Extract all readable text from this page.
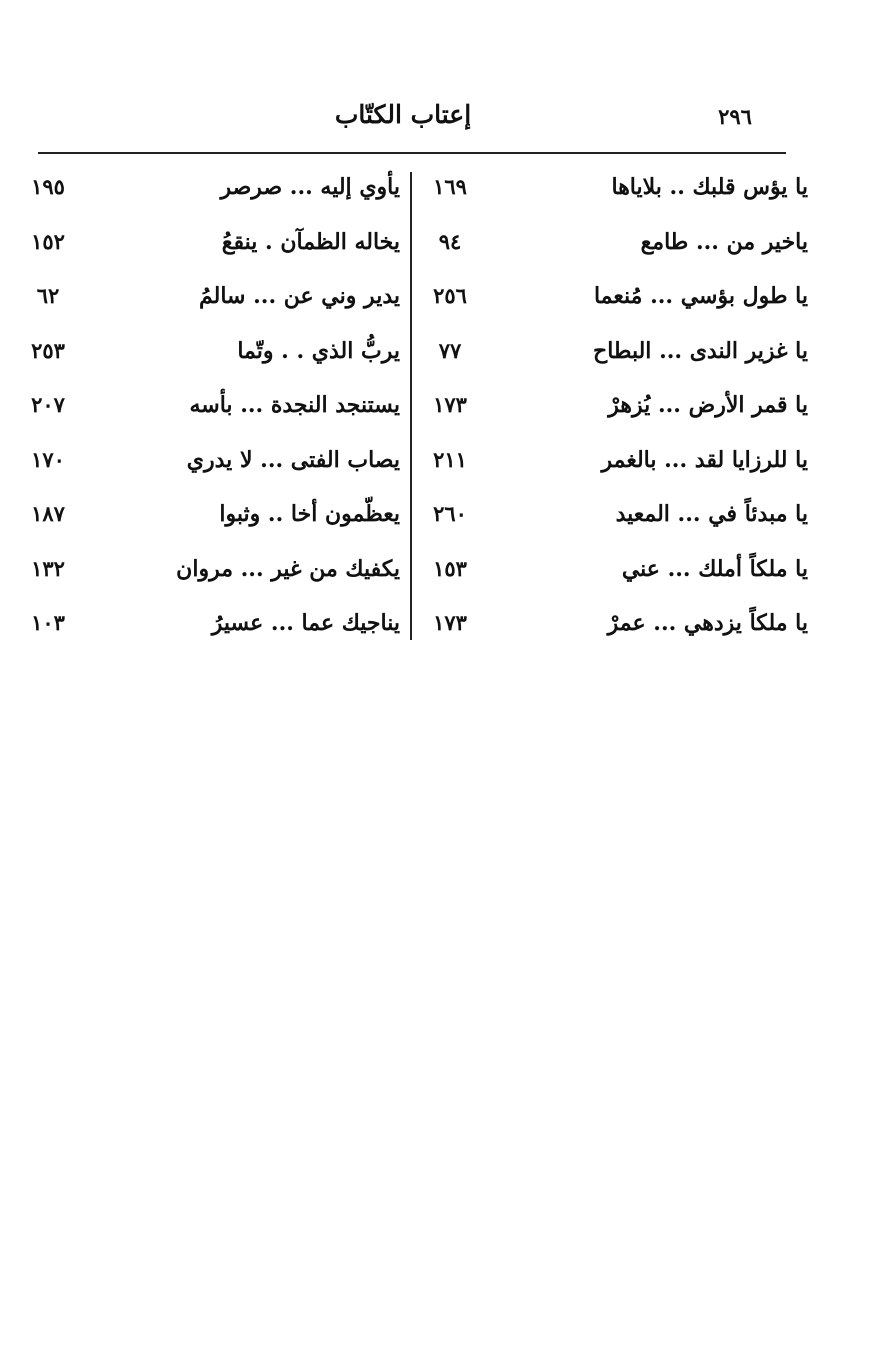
٢٩٦
إعتاب الكتّاب
يا يؤس قلبك .. بلاياها
١٦٩
يأوي إليه ... صرصر
١٩٥
ياخير من ... طامع
٩٤
يخاله الظمآن . ينقعُ
١٥٢
يا طول بؤسي ... مُنعما
٢٥٦
يدير وني عن ... سالمُ
٦٢
يا غزير الندى ... البطاح
٧٧
يربُّ الذي . . وتّما
٢٥٣
يا قمر الأرض ... يُزهرْ
١٧٣
يستنجد النجدة ... بأسه
٢٠٧
يا للرزايا لقد ... بالغمر
٢١١
يصاب الفتى ... لا يدري
١٧٠
يا مبدئاً في ... المعيد
٢٦٠
يعظّمون أخا .. وثبوا
١٨٧
يا ملكاً أملك ... عني
١٥٣
يكفيك من غير ... مروان
١٣٢
يا ملكاً يزدهي ... عمرْ
١٧٣
يناجيك عما ... عسيرُ
١٠٣
